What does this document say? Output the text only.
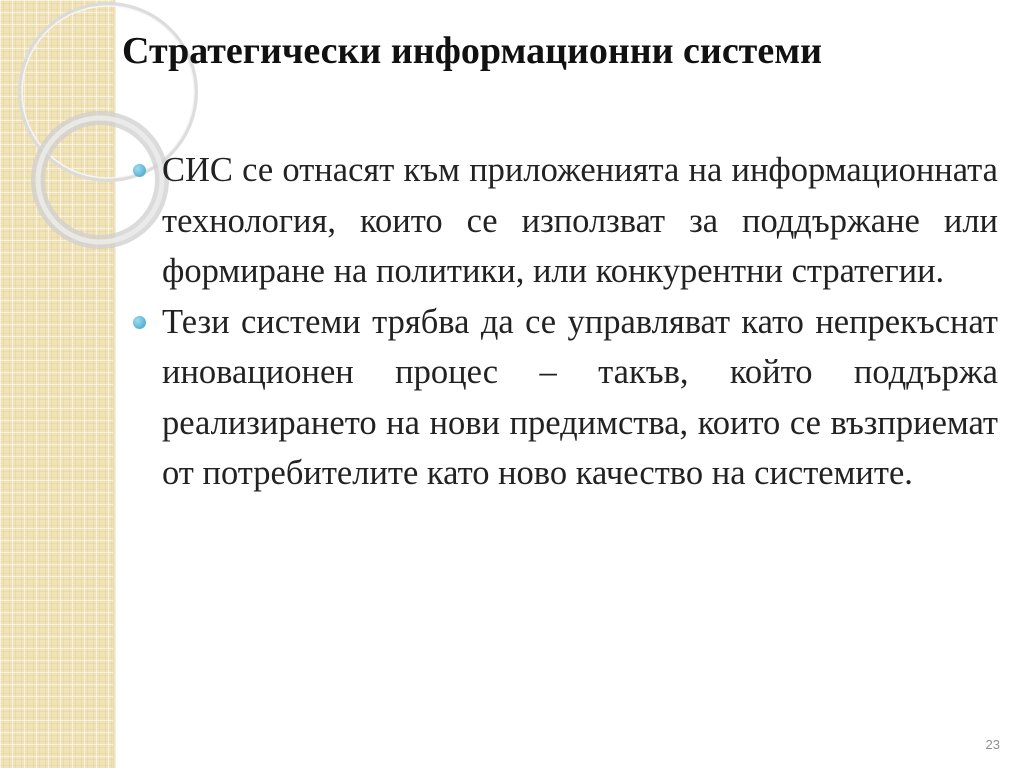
Стратегически информационни системи
СИС се отнасят към приложенията на информационната технология, които се използват за поддържане или формиране на политики, или конкурентни стратегии.
Тези системи трябва да се управляват като непрекъснат иновационен процес – такъв, който поддържа реализирането на нови предимства, които се възприемат от потребителите като ново качество на системите.
23
